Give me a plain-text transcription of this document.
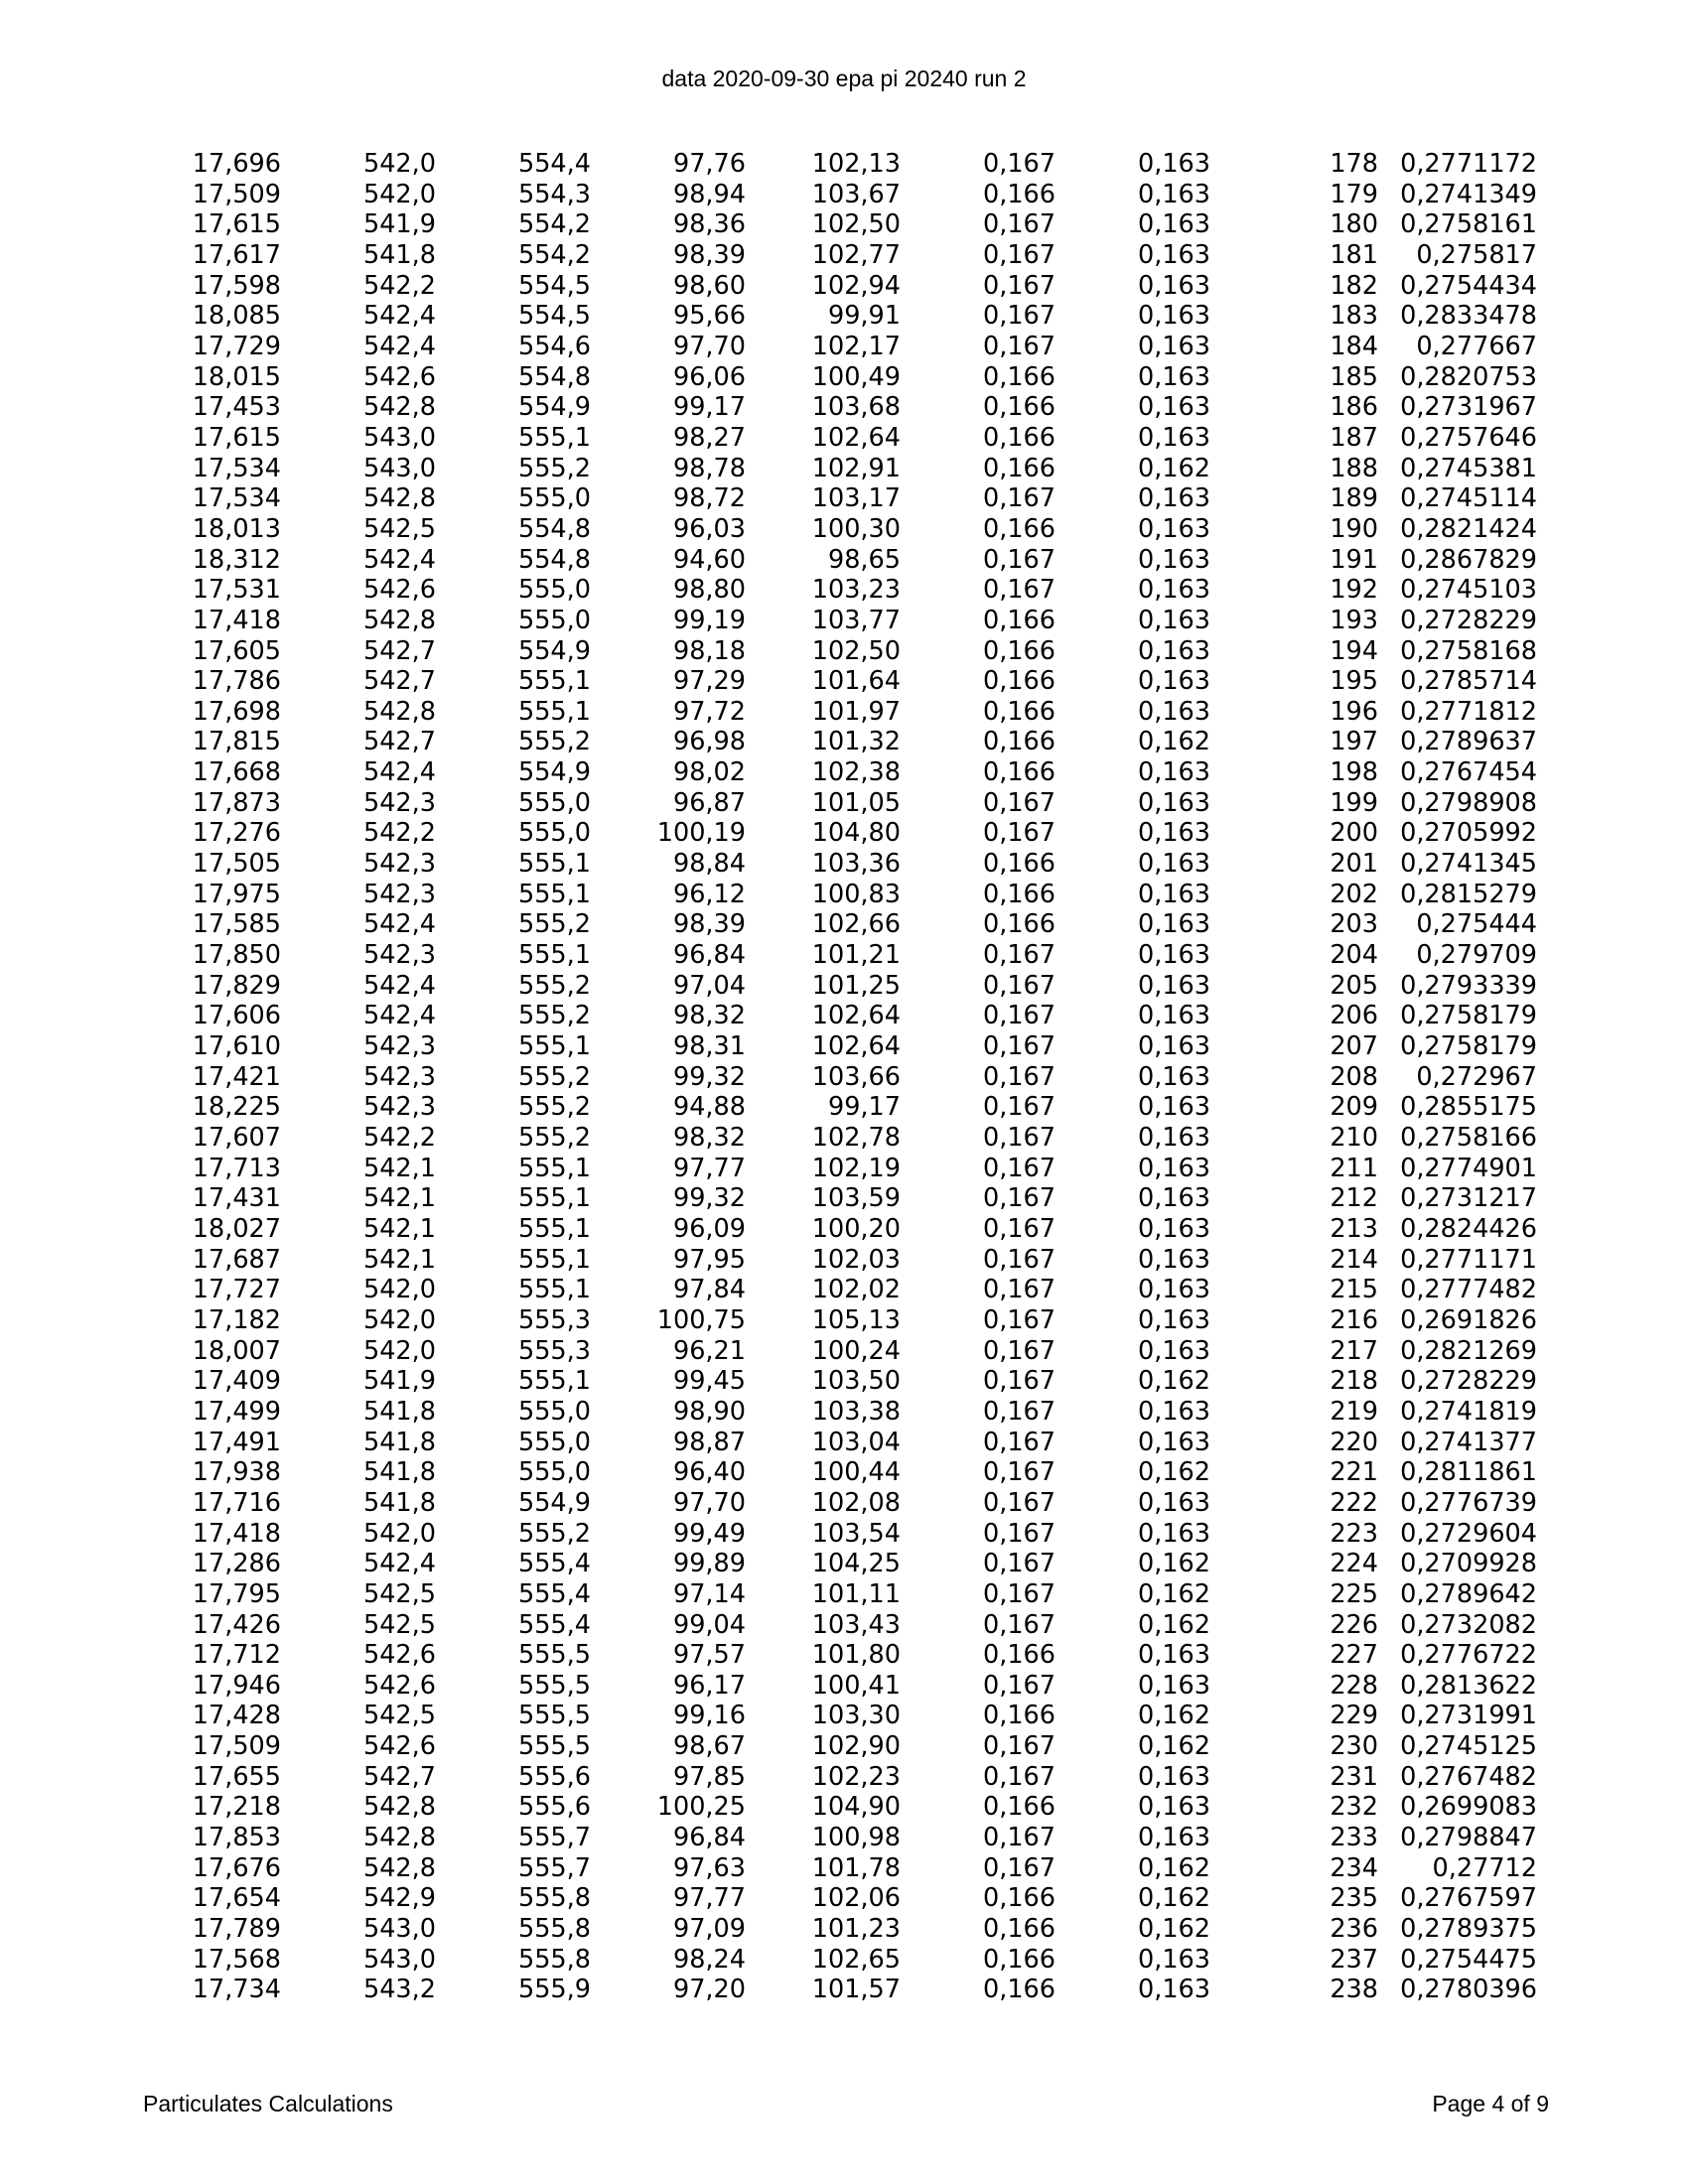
data 2020-09-30 epa pi 20240 run 2
17,696	542,0	554,4	97,76	102,13	0,167	0,163	178	0,2771172
17,509	542,0	554,3	98,94	103,67	0,166	0,163	179	0,2741349
17,615	541,9	554,2	98,36	102,50	0,167	0,163	180	0,2758161
17,617	541,8	554,2	98,39	102,77	0,167	0,163	181	0,275817
17,598	542,2	554,5	98,60	102,94	0,167	0,163	182	0,2754434
18,085	542,4	554,5	95,66	99,91	0,167	0,163	183	0,2833478
17,729	542,4	554,6	97,70	102,17	0,167	0,163	184	0,277667
18,015	542,6	554,8	96,06	100,49	0,166	0,163	185	0,2820753
17,453	542,8	554,9	99,17	103,68	0,166	0,163	186	0,2731967
17,615	543,0	555,1	98,27	102,64	0,166	0,163	187	0,2757646
17,534	543,0	555,2	98,78	102,91	0,166	0,162	188	0,2745381
17,534	542,8	555,0	98,72	103,17	0,167	0,163	189	0,2745114
18,013	542,5	554,8	96,03	100,30	0,166	0,163	190	0,2821424
18,312	542,4	554,8	94,60	98,65	0,167	0,163	191	0,2867829
17,531	542,6	555,0	98,80	103,23	0,167	0,163	192	0,2745103
17,418	542,8	555,0	99,19	103,77	0,166	0,163	193	0,2728229
17,605	542,7	554,9	98,18	102,50	0,166	0,163	194	0,2758168
17,786	542,7	555,1	97,29	101,64	0,166	0,163	195	0,2785714
17,698	542,8	555,1	97,72	101,97	0,166	0,163	196	0,2771812
17,815	542,7	555,2	96,98	101,32	0,166	0,162	197	0,2789637
17,668	542,4	554,9	98,02	102,38	0,166	0,163	198	0,2767454
17,873	542,3	555,0	96,87	101,05	0,167	0,163	199	0,2798908
17,276	542,2	555,0	100,19	104,80	0,167	0,163	200	0,2705992
17,505	542,3	555,1	98,84	103,36	0,166	0,163	201	0,2741345
17,975	542,3	555,1	96,12	100,83	0,166	0,163	202	0,2815279
17,585	542,4	555,2	98,39	102,66	0,166	0,163	203	0,275444
17,850	542,3	555,1	96,84	101,21	0,167	0,163	204	0,279709
17,829	542,4	555,2	97,04	101,25	0,167	0,163	205	0,2793339
17,606	542,4	555,2	98,32	102,64	0,167	0,163	206	0,2758179
17,610	542,3	555,1	98,31	102,64	0,167	0,163	207	0,2758179
17,421	542,3	555,2	99,32	103,66	0,167	0,163	208	0,272967
18,225	542,3	555,2	94,88	99,17	0,167	0,163	209	0,2855175
17,607	542,2	555,2	98,32	102,78	0,167	0,163	210	0,2758166
17,713	542,1	555,1	97,77	102,19	0,167	0,163	211	0,2774901
17,431	542,1	555,1	99,32	103,59	0,167	0,163	212	0,2731217
18,027	542,1	555,1	96,09	100,20	0,167	0,163	213	0,2824426
17,687	542,1	555,1	97,95	102,03	0,167	0,163	214	0,2771171
17,727	542,0	555,1	97,84	102,02	0,167	0,163	215	0,2777482
17,182	542,0	555,3	100,75	105,13	0,167	0,163	216	0,2691826
18,007	542,0	555,3	96,21	100,24	0,167	0,163	217	0,2821269
17,409	541,9	555,1	99,45	103,50	0,167	0,162	218	0,2728229
17,499	541,8	555,0	98,90	103,38	0,167	0,163	219	0,2741819
17,491	541,8	555,0	98,87	103,04	0,167	0,163	220	0,2741377
17,938	541,8	555,0	96,40	100,44	0,167	0,162	221	0,2811861
17,716	541,8	554,9	97,70	102,08	0,167	0,163	222	0,2776739
17,418	542,0	555,2	99,49	103,54	0,167	0,163	223	0,2729604
17,286	542,4	555,4	99,89	104,25	0,167	0,162	224	0,2709928
17,795	542,5	555,4	97,14	101,11	0,167	0,162	225	0,2789642
17,426	542,5	555,4	99,04	103,43	0,167	0,162	226	0,2732082
17,712	542,6	555,5	97,57	101,80	0,166	0,163	227	0,2776722
17,946	542,6	555,5	96,17	100,41	0,167	0,163	228	0,2813622
17,428	542,5	555,5	99,16	103,30	0,166	0,162	229	0,2731991
17,509	542,6	555,5	98,67	102,90	0,167	0,162	230	0,2745125
17,655	542,7	555,6	97,85	102,23	0,167	0,163	231	0,2767482
17,218	542,8	555,6	100,25	104,90	0,166	0,163	232	0,2699083
17,853	542,8	555,7	96,84	100,98	0,167	0,163	233	0,2798847
17,676	542,8	555,7	97,63	101,78	0,167	0,162	234	0,27712
17,654	542,9	555,8	97,77	102,06	0,166	0,162	235	0,2767597
17,789	543,0	555,8	97,09	101,23	0,166	0,162	236	0,2789375
17,568	543,0	555,8	98,24	102,65	0,166	0,163	237	0,2754475
17,734	543,2	555,9	97,20	101,57	0,166	0,163	238	0,2780396
Particulates Calculations	Page 4 of 9
